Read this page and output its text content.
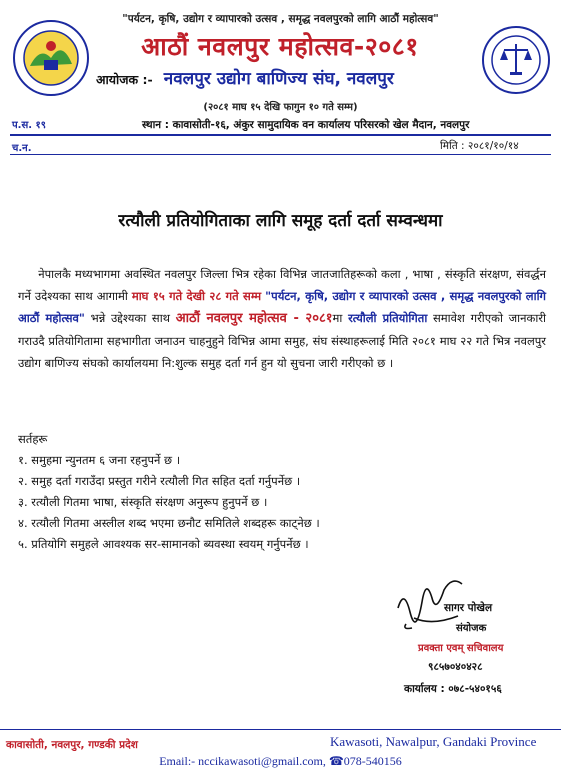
"पर्यटन, कृषि, उद्योग र व्यापारको उत्सव , समृद्ध नवलपुरको लागि आठौं महोत्सव"
आठौं नवलपुर महोत्सव-२०८१
आयोजक :- नवलपुर उद्योग बाणिज्य संघ, नवलपुर
(२०८१ माघ १५ देखि फागुन १० गते सम्म)
प.स. १९	स्थान : कावासोती-१६, अंकुर सामुदायिक वन कार्यालय परिसरको खेल मैदान, नवलपुर
च.न.	मिति : २०८१/१०/१४
रत्यौली प्रतियोगिताका लागि समूह दर्ता दर्ता सम्वन्धमा
नेपालकै मध्यभागमा अवस्थित नवलपुर जिल्ला भित्र रहेका विभिन्न जातजातिहरूको कला , भाषा , संस्कृति संरक्षण, संवर्द्धन गर्ने उदेश्यका साथ आगामी माघ १५ गते देखी २८ गते सम्म "पर्यटन, कृषि, उद्योग र व्यापारको उत्सव , समृद्ध नवलपुरको लागि आठौं महोत्सव" भन्ने उद्देश्यका साथ आठौं नवलपुर महोत्सव - २०८१मा रत्यौली प्रतियोगिता समावेश गरीएको जानकारी गराउदै प्रतियोगितामा सहभागीता जनाउन चाहनुहुने विभिन्न आमा समुह, संघ संस्थाहरूलाई मिति २०८१ माघ २२ गते भित्र नवलपुर उद्योग बाणिज्य संघको कार्यालयमा नि:शुल्क समुह दर्ता गर्न हुन यो सुचना जारी गरीएको छ ।
सर्तहरू
१. समुहमा न्युनतम ६ जना रहनुपर्ने छ ।
२. समुह दर्ता गराउँदा प्रस्तुत गरीने रत्यौली गित सहित दर्ता गर्नुपर्नेछ ।
३. रत्यौली गितमा भाषा, संस्कृति संरक्षण अनुरूप हुनुपर्ने छ ।
४. रत्यौली गितमा अस्लील शब्द भएमा छनौट समितिले शब्दहरू काट्नेछ ।
५. प्रतियोगि समुहले आवश्यक सर-सामानको ब्यवस्था स्वयम् गर्नुपर्नेछ ।
सागर पोखेल
संयोजक
प्रवक्ता एवम् सचिवालय
९८५७०४०४२८
कार्यालय : ०७८-५४०१५६
कावासोती, नवलपुर, गण्डकी प्रदेश	Kawasoti, Nawalpur, Gandaki Province
Email:- nccikawasoti@gmail.com, ☎078-540156
